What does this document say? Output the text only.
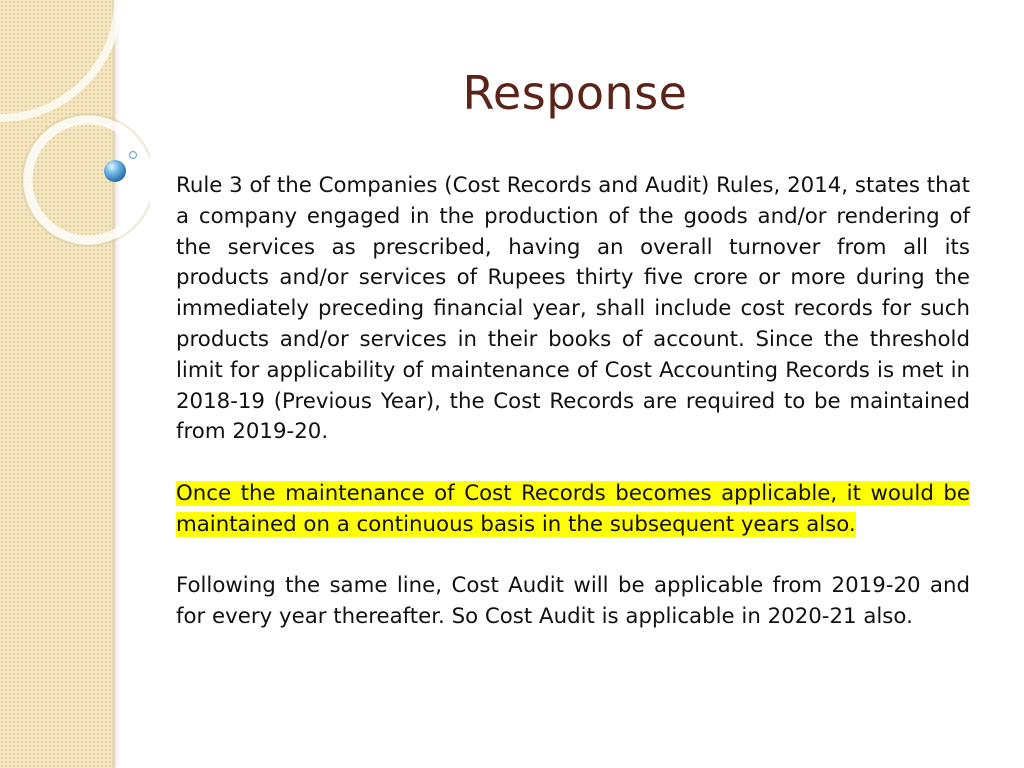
Response

Rule 3 of the Companies (Cost Records and Audit) Rules, 2014, states that a company engaged in the production of the goods and/or rendering of the services as prescribed, having an overall turnover from all its products and/or services of Rupees thirty five crore or more during the immediately preceding financial year, shall include cost records for such products and/or services in their books of account. Since the threshold limit for applicability of maintenance of Cost Accounting Records is met in 2018-19 (Previous Year), the Cost Records are required to be maintained from 2019-20.

Once the maintenance of Cost Records becomes applicable, it would be maintained on a continuous basis in the subsequent years also.

Following the same line, Cost Audit will be applicable from 2019-20 and for every year thereafter. So Cost Audit is applicable in 2020-21 also.
